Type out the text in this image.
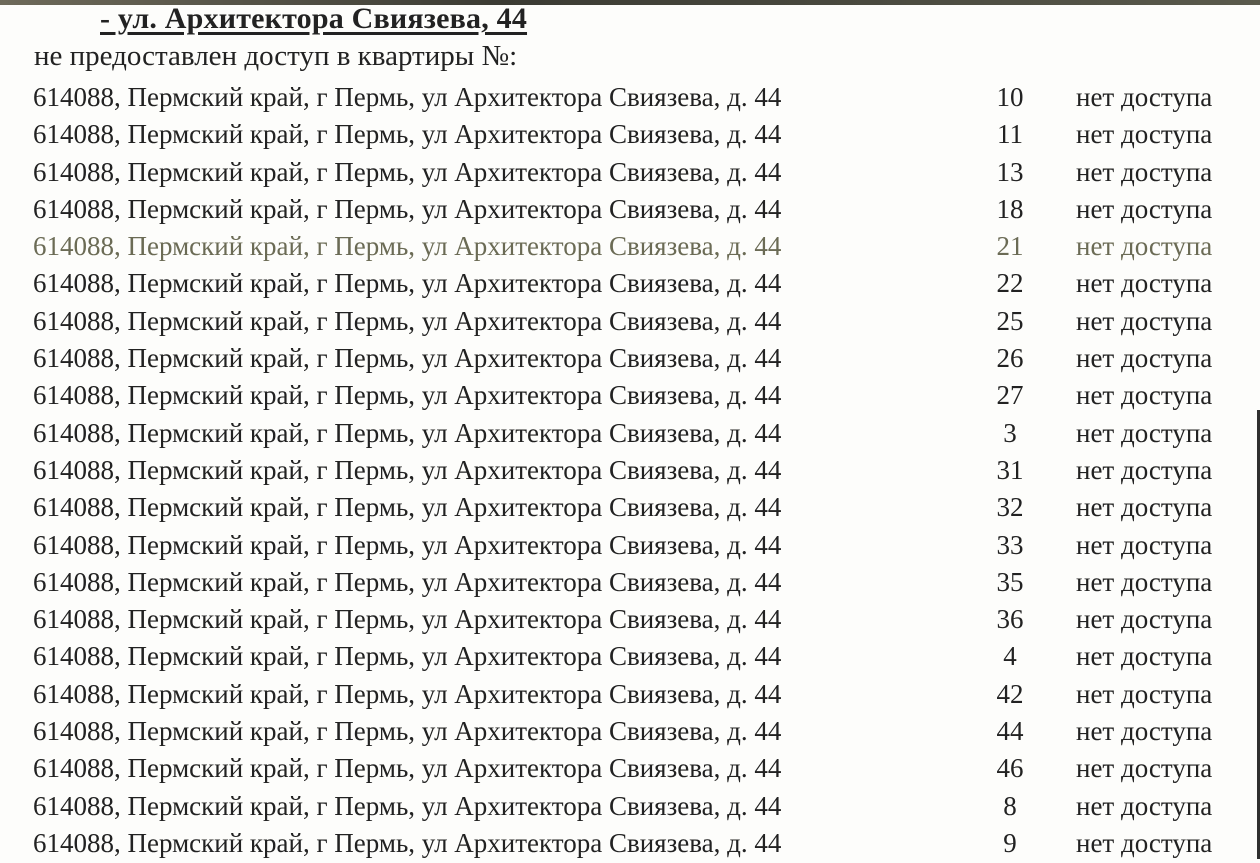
- ул. Архитектора Свиязева, 44
не предоставлен доступ в квартиры №:
614088, Пермский край, г Пермь, ул Архитектора Свиязева, д. 44	10 нет доступа
614088, Пермский край, г Пермь, ул Архитектора Свиязева, д. 44	11 нет доступа
614088, Пермский край, г Пермь, ул Архитектора Свиязева, д. 44	13 нет доступа
614088, Пермский край, г Пермь, ул Архитектора Свиязева, д. 44	18 нет доступа
614088, Пермский край, г Пермь, ул Архитектора Свиязева, д. 44	21 нет доступа
614088, Пермский край, г Пермь, ул Архитектора Свиязева, д. 44	22 нет доступа
614088, Пермский край, г Пермь, ул Архитектора Свиязева, д. 44	25 нет доступа
614088, Пермский край, г Пермь, ул Архитектора Свиязева, д. 44	26 нет доступа
614088, Пермский край, г Пермь, ул Архитектора Свиязева, д. 44	27 нет доступа
614088, Пермский край, г Пермь, ул Архитектора Свиязева, д. 44	3 нет доступа
614088, Пермский край, г Пермь, ул Архитектора Свиязева, д. 44	31 нет доступа
614088, Пермский край, г Пермь, ул Архитектора Свиязева, д. 44	32 нет доступа
614088, Пермский край, г Пермь, ул Архитектора Свиязева, д. 44	33 нет доступа
614088, Пермский край, г Пермь, ул Архитектора Свиязева, д. 44	35 нет доступа
614088, Пермский край, г Пермь, ул Архитектора Свиязева, д. 44	36 нет доступа
614088, Пермский край, г Пермь, ул Архитектора Свиязева, д. 44	4 нет доступа
614088, Пермский край, г Пермь, ул Архитектора Свиязева, д. 44	42 нет доступа
614088, Пермский край, г Пермь, ул Архитектора Свиязева, д. 44	44 нет доступа
614088, Пермский край, г Пермь, ул Архитектора Свиязева, д. 44	46 нет доступа
614088, Пермский край, г Пермь, ул Архитектора Свиязева, д. 44	8 нет доступа
614088, Пермский край, г Пермь, ул Архитектора Свиязева, д. 44	9 нет доступа
